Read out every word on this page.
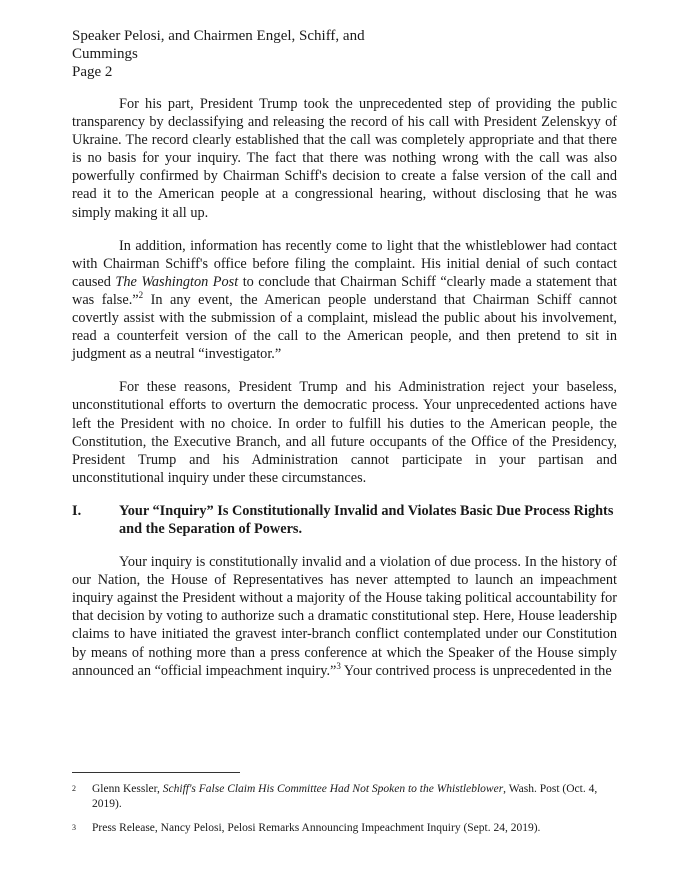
Speaker Pelosi, and Chairmen Engel, Schiff, and
Cummings
Page 2

For his part, President Trump took the unprecedented step of providing the public transparency by declassifying and releasing the record of his call with President Zelenskyy of Ukraine. The record clearly established that the call was completely appropriate and that there is no basis for your inquiry. The fact that there was nothing wrong with the call was also powerfully confirmed by Chairman Schiff's decision to create a false version of the call and read it to the American people at a congressional hearing, without disclosing that he was simply making it all up.

In addition, information has recently come to light that the whistleblower had contact with Chairman Schiff's office before filing the complaint. His initial denial of such contact caused The Washington Post to conclude that Chairman Schiff “clearly made a statement that was false.”$^2$ In any event, the American people understand that Chairman Schiff cannot covertly assist with the submission of a complaint, mislead the public about his involvement, read a counterfeit version of the call to the American people, and then pretend to sit in judgment as a neutral “investigator.”

For these reasons, President Trump and his Administration reject your baseless, unconstitutional efforts to overturn the democratic process. Your unprecedented actions have left the President with no choice. In order to fulfill his duties to the American people, the Constitution, the Executive Branch, and all future occupants of the Office of the Presidency, President Trump and his Administration cannot participate in your partisan and unconstitutional inquiry under these circumstances.

I.	Your “Inquiry” Is Constitutionally Invalid and Violates Basic Due Process Rights and the Separation of Powers.

Your inquiry is constitutionally invalid and a violation of due process. In the history of our Nation, the House of Representatives has never attempted to launch an impeachment inquiry against the President without a majority of the House taking political accountability for that decision by voting to authorize such a dramatic constitutional step. Here, House leadership claims to have initiated the gravest inter-branch conflict contemplated under our Constitution by means of nothing more than a press conference at which the Speaker of the House simply announced an “official impeachment inquiry.”$^3$ Your contrived process is unprecedented in the

2	Glenn Kessler, Schiff's False Claim His Committee Had Not Spoken to the Whistleblower, Wash. Post (Oct. 4, 2019).
3	Press Release, Nancy Pelosi, Pelosi Remarks Announcing Impeachment Inquiry (Sept. 24, 2019).
